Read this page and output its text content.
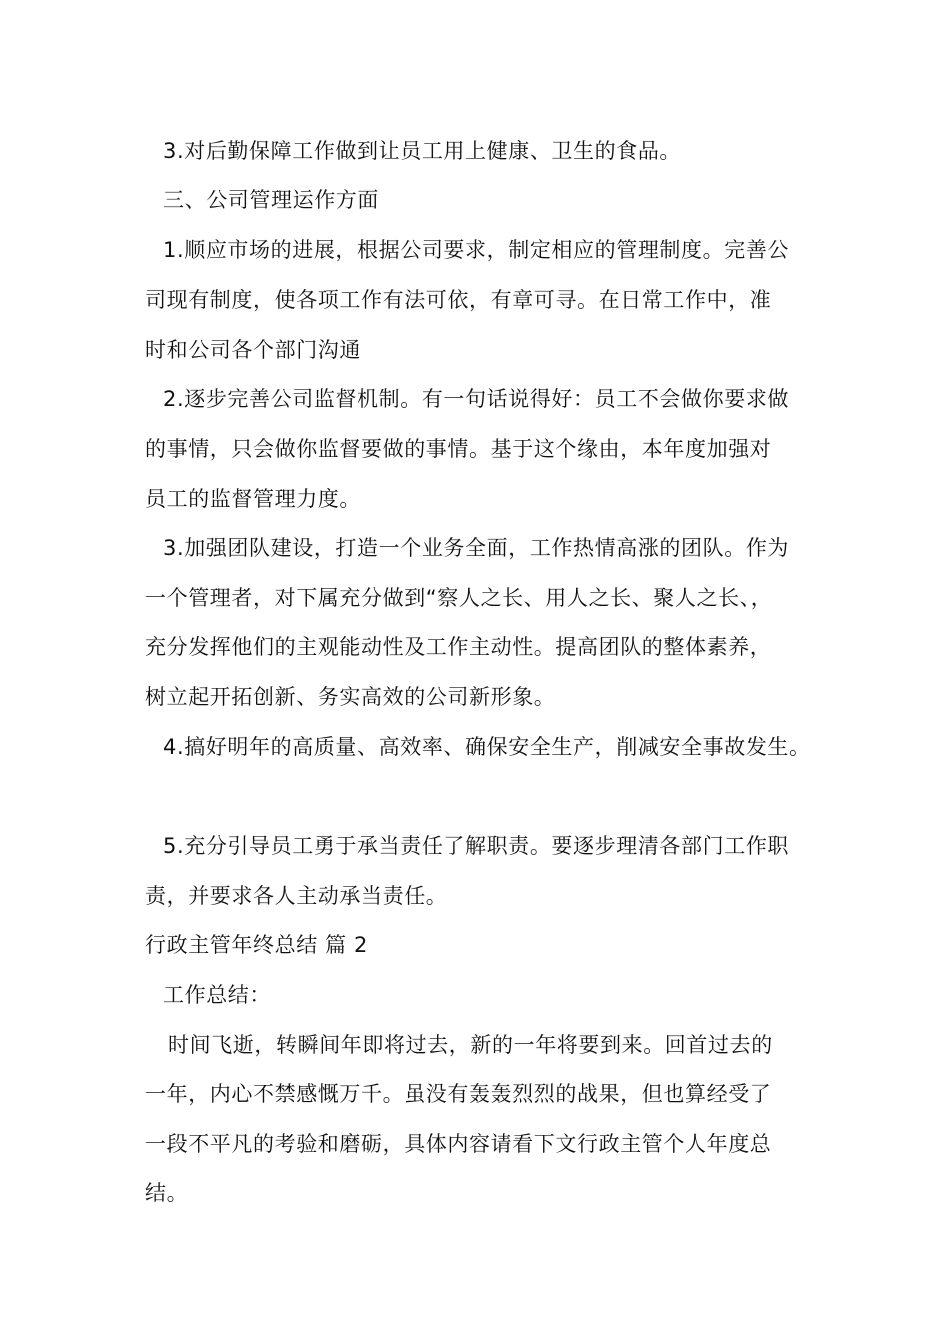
3.对后勤保障工作做到让员工用上健康、卫生的食品。
三、公司管理运作方面
1.顺应市场的进展，根据公司要求，制定相应的管理制度。完善公
司现有制度，使各项工作有法可依，有章可寻。在日常工作中，准
时和公司各个部门沟通
2.逐步完善公司监督机制。有一句话说得好：员工不会做你要求做
的事情，只会做你监督要做的事情。基于这个缘由，本年度加强对
员工的监督管理力度。
3.加强团队建设，打造一个业务全面，工作热情高涨的团队。作为
一个管理者，对下属充分做到“察人之长、用人之长、聚人之长、，
充分发挥他们的主观能动性及工作主动性。提高团队的整体素养，
树立起开拓创新、务实高效的公司新形象。
4.搞好明年的高质量、高效率、确保安全生产，削减安全事故发生。
5.充分引导员工勇于承当责任了解职责。要逐步理清各部门工作职
责，并要求各人主动承当责任。
行政主管年终总结 篇 2
工作总结：
时间飞逝，转瞬间年即将过去，新的一年将要到来。回首过去的
一年，内心不禁感慨万千。虽没有轰轰烈烈的战果，但也算经受了
一段不平凡的考验和磨砺，具体内容请看下文行政主管个人年度总
结。
